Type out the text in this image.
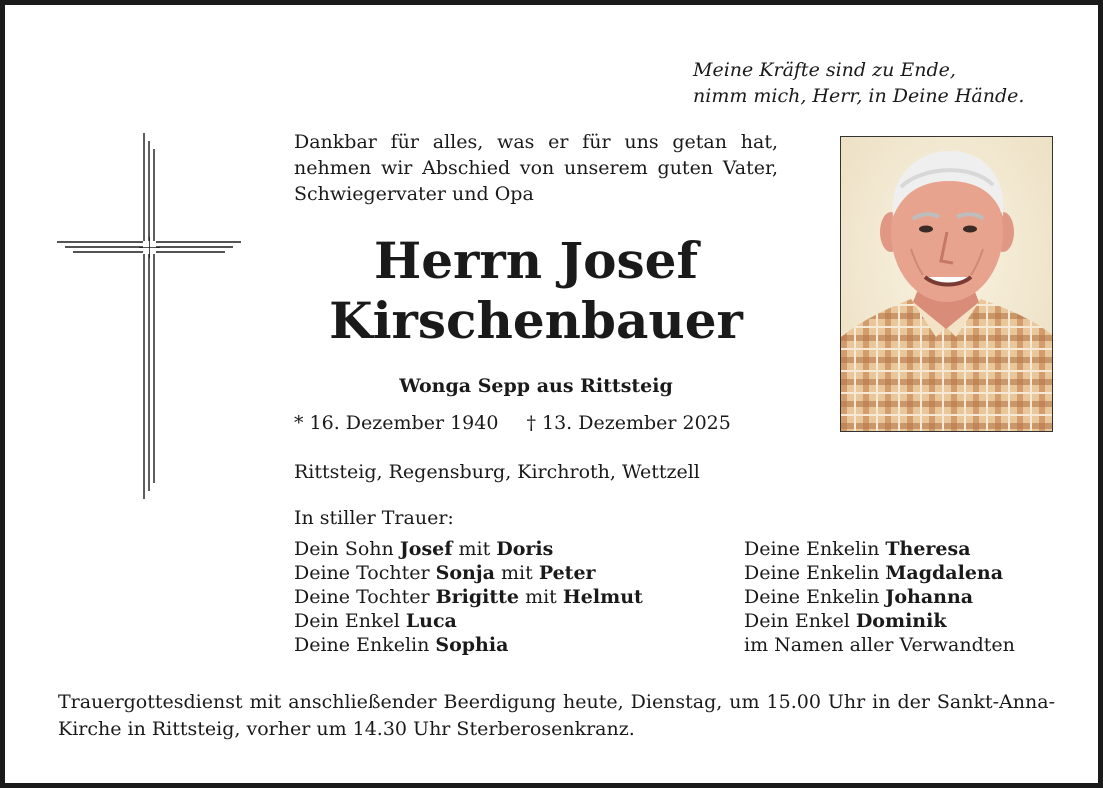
Meine Kräfte sind zu Ende,
nimm mich, Herr, in Deine Hände.
Dankbar für alles, was er für uns getan hat, nehmen wir Abschied von unserem guten Vater, Schwiegervater und Opa
Herrn Josef
Kirschenbauer
Wonga Sepp aus Rittsteig
* 16. Dezember 1940 † 13. Dezember 2025
Rittsteig, Regensburg, Kirchroth, Wettzell
In stiller Trauer:
Dein Sohn Josef mit Doris
Deine Tochter Sonja mit Peter
Deine Tochter Brigitte mit Helmut
Dein Enkel Luca
Deine Enkelin Sophia
Deine Enkelin Theresa
Deine Enkelin Magdalena
Deine Enkelin Johanna
Dein Enkel Dominik
im Namen aller Verwandten
Trauergottesdienst mit anschließender Beerdigung heute, Dienstag, um 15.00 Uhr in der Sankt-Anna-Kirche in Rittsteig, vorher um 14.30 Uhr Sterberosenkranz.
